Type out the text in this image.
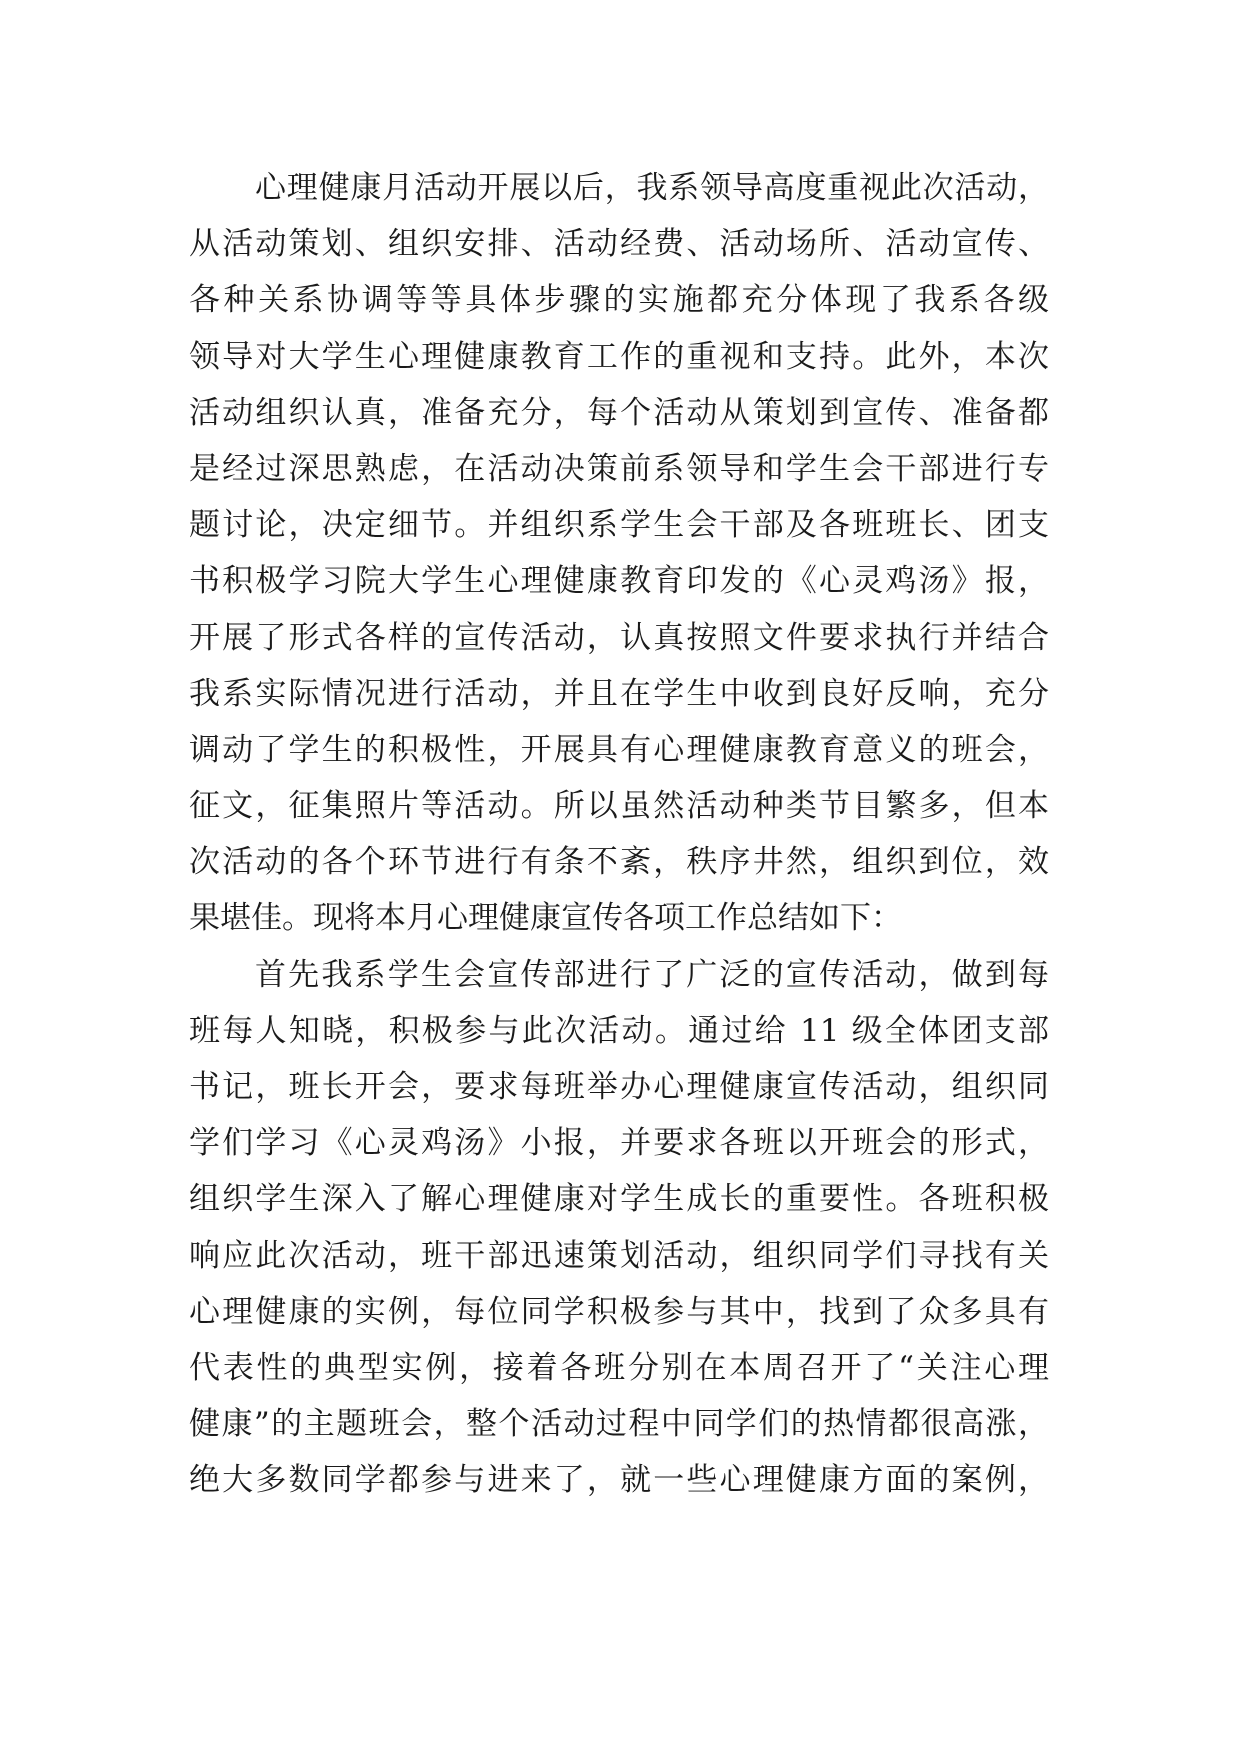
心理健康月活动开展以后，我系领导高度重视此次活动，
从活动策划、组织安排、活动经费、活动场所、活动宣传、
各种关系协调等等具体步骤的实施都充分体现了我系各级
领导对大学生心理健康教育工作的重视和支持。此外，本次
活动组织认真，准备充分，每个活动从策划到宣传、准备都
是经过深思熟虑，在活动决策前系领导和学生会干部进行专
题讨论，决定细节。并组织系学生会干部及各班班长、团支
书积极学习院大学生心理健康教育印发的《心灵鸡汤》报，
开展了形式各样的宣传活动，认真按照文件要求执行并结合
我系实际情况进行活动，并且在学生中收到良好反响，充分
调动了学生的积极性，开展具有心理健康教育意义的班会，
征文，征集照片等活动。所以虽然活动种类节目繁多，但本
次活动的各个环节进行有条不紊，秩序井然，组织到位，效
果堪佳。现将本月心理健康宣传各项工作总结如下：
首先我系学生会宣传部进行了广泛的宣传活动，做到每
班每人知晓，积极参与此次活动。通过给 11 级全体团支部
书记，班长开会，要求每班举办心理健康宣传活动，组织同
学们学习《心灵鸡汤》小报，并要求各班以开班会的形式，
组织学生深入了解心理健康对学生成长的重要性。各班积极
响应此次活动，班干部迅速策划活动，组织同学们寻找有关
心理健康的实例，每位同学积极参与其中，找到了众多具有
代表性的典型实例，接着各班分别在本周召开了“关注心理
健康”的主题班会，整个活动过程中同学们的热情都很高涨，
绝大多数同学都参与进来了，就一些心理健康方面的案例，
